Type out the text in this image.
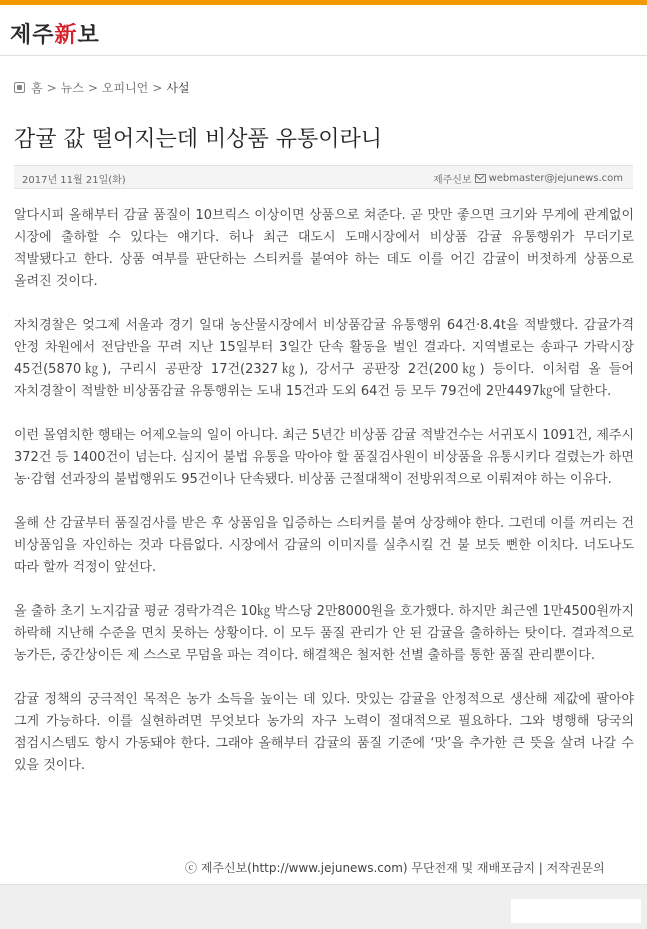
제주新보
홈 > 뉴스 > 오피니언 > 사설
감귤 값 떨어지는데 비상품 유통이라니
2017년 11월 21일(화)	제주신보 webmaster@jejunews.com

알다시피 올해부터 감귤 품질이 10브릭스 이상이면 상품으로 쳐준다. 곧 맛만 좋으면 크기와 무게에 관계없이 시장에 출하할 수 있다는 얘기다. 허나 최근 대도시 도매시장에서 비상품 감귤 유통행위가 무더기로 적발됐다고 한다. 상품 여부를 판단하는 스티커를 붙여야 하는 데도 이를 어긴 감귤이 버젓하게 상품으로 올려진 것이다.

자치경찰은 엊그제 서울과 경기 일대 농산물시장에서 비상품감귤 유통행위 64건·8.4t을 적발했다. 감귤가격 안정 차원에서 전담반을 꾸려 지난 15일부터 3일간 단속 활동을 벌인 결과다. 지역별로는 송파구 가락시장 45건(5870㎏), 구리시 공판장 17건(2327㎏), 강서구 공판장 2건(200㎏) 등이다. 이처럼 올 들어 자치경찰이 적발한 비상품감귤 유통행위는 도내 15건과 도외 64건 등 모두 79건에 2만4497㎏에 달한다.

이런 몰염치한 행태는 어제오늘의 일이 아니다. 최근 5년간 비상품 감귤 적발건수는 서귀포시 1091건, 제주시 372건 등 1400건이 넘는다. 심지어 불법 유통을 막아야 할 품질검사원이 비상품을 유통시키다 걸렸는가 하면 농·감협 선과장의 불법행위도 95건이나 단속됐다. 비상품 근절대책이 전방위적으로 이뤄져야 하는 이유다.

올해 산 감귤부터 품질검사를 받은 후 상품임을 입증하는 스티커를 붙여 상장해야 한다. 그런데 이를 꺼리는 건 비상품임을 자인하는 것과 다름없다. 시장에서 감귤의 이미지를 실추시킬 건 불 보듯 뻔한 이치다. 너도나도 따라 할까 걱정이 앞선다.

올 출하 초기 노지감귤 평균 경락가격은 10㎏ 박스당 2만8000원을 호가했다. 하지만 최근엔 1만4500원까지 하락해 지난해 수준을 면치 못하는 상황이다. 이 모두 품질 관리가 안 된 감귤을 출하하는 탓이다. 결과적으로 농가든, 중간상이든 제 스스로 무덤을 파는 격이다. 해결책은 철저한 선별 출하를 통한 품질 관리뿐이다.

감귤 정책의 궁극적인 목적은 농가 소득을 높이는 데 있다. 맛있는 감귤을 안정적으로 생산해 제값에 팔아야 그게 가능하다. 이를 실현하려면 무엇보다 농가의 자구 노력이 절대적으로 필요하다. 그와 병행해 당국의 점검시스템도 항시 가동돼야 한다. 그래야 올해부터 감귤의 품질 기준에 ‘맛’을 추가한 큰 뜻을 살려 나갈 수 있을 것이다.

ⓒ 제주신보(http://www.jejunews.com) 무단전재 및 재배포금지 | 저작권문의
